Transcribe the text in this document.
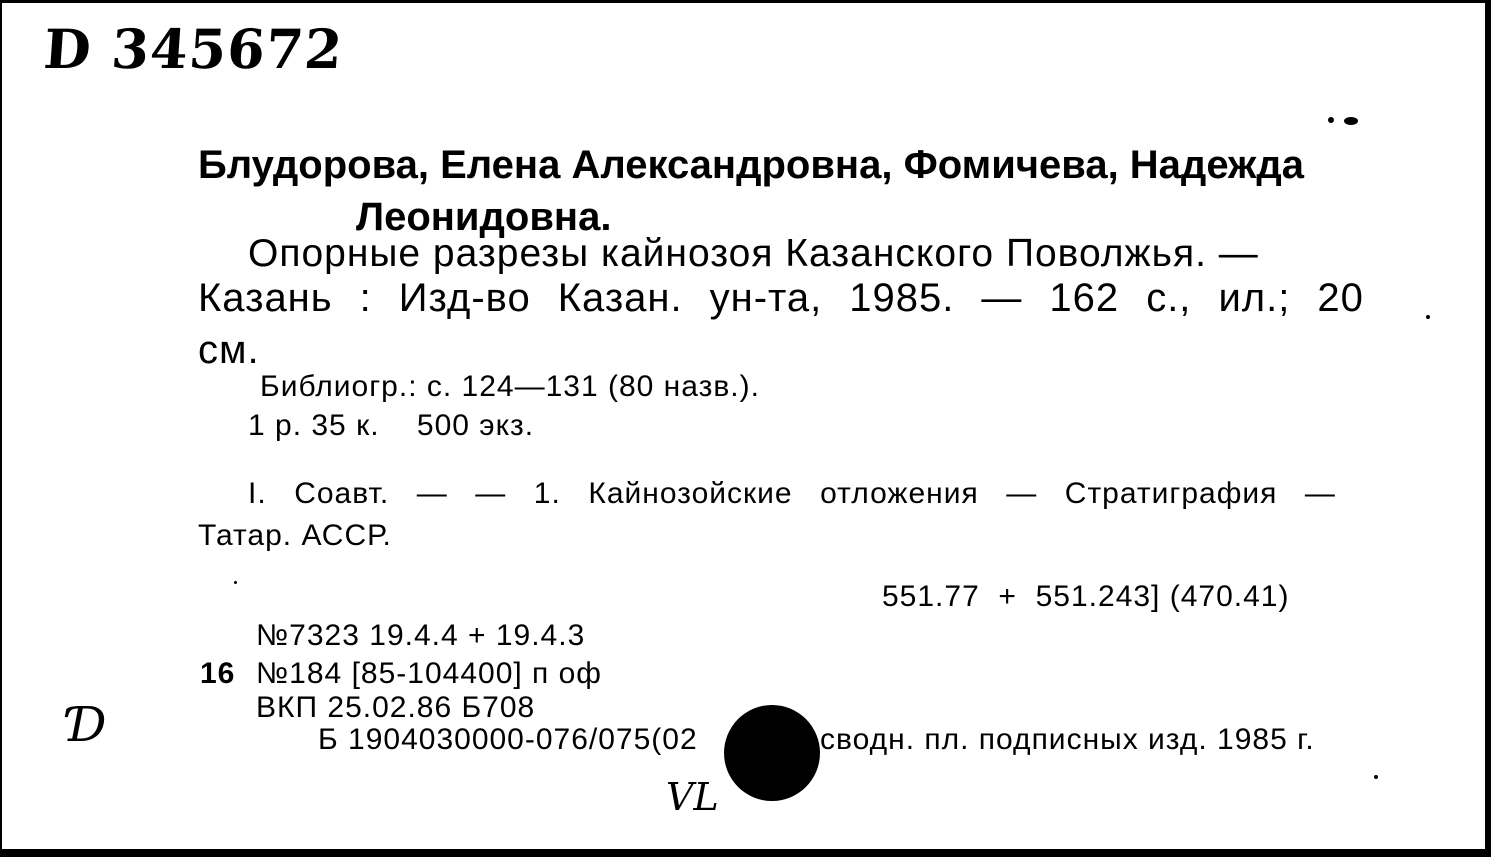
D 345672
Блудорова, Елена Александровна, Фомичева, Надежда
Леонидовна.
Опорные разрезы кайнозоя Казанского Поволжья. —
Казань : Изд-во Казан. ун-та, 1985. — 162 с., ил.; 20
см.
Библиогр.: с. 124—131 (80 назв.).
1 р. 35 к.    500 экз.
I. Соавт. — — 1. Кайнозойские отложения — Стратиграфия —
Татар. АССР.
551.77  +  551.243] (470.41)
№7323 19.4.4 + 19.4.3
16 №184 [85-104400] п оф
ВКП 25.02.86 Б708
Б 1904030000-076/075(02	сводн. пл. подписных изд. 1985 г.
VL
Ɗ
